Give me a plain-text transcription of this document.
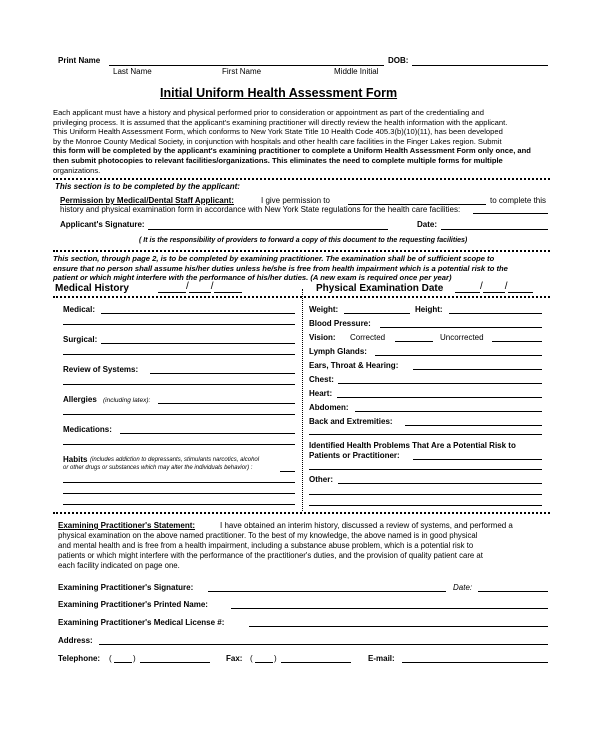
Print Name
Last Name	First Name	Middle Initial
DOB:
Initial Uniform Health Assessment Form
Each applicant must have a history and physical performed prior to consideration or appointment as part of the credentialing and
privileging process. It is assumed that the applicant's examining practitioner will directly review the health information with the applicant.
This Uniform Health Assessment Form, which conforms to New York State Title 10 Health Code 405.3(b)(10)(11), has been developed
by the Monroe County Medical Society, in conjunction with hospitals and other health care facilities in the Finger Lakes region. Submit
this form will be completed by the applicant's examining practitioner to complete a Uniform Health Assessment Form only once, and
then submit photocopies to relevant facilities/organizations. This eliminates the need to complete multiple forms for multiple
organizations.
This section is to be completed by the applicant:
Permission by Medical/Dental Staff Applicant:	I give permission to	to complete this
history and physical examination form in accordance with New York State regulations for the health care facilities:
Applicant's Signature:	Date:
( It is the responsibility of providers to forward a copy of this document to the requesting facilities)
This section, through page 2, is to be completed by examining practitioner. The examination shall be of sufficient scope to
ensure that no person shall assume his/her duties unless he/she is free from health impairment which is a potential risk to the
patient or which might interfere with the performance of his/her duties. (A new exam is required once per year)
Medical History	/ /	Physical Examination Date	/ /
Medical:
Surgical:
Review of Systems:
Allergies (including latex):
Medications:
Habits (includes addiction to depressants, stimulants narcotics, alcohol
or other drugs or substances which may alter the individuals behavior) :
Weight:	Height:
Blood Pressure:
Vision: Corrected	Uncorrected
Lymph Glands:
Ears, Throat & Hearing:
Chest:
Heart:
Abdomen:
Back and Extremities:
Identified Health Problems That Are a Potential Risk to
Patients or Practitioner:
Other:
Examining Practitioner's Statement:	I have obtained an interim history, discussed a review of systems, and performed a
physical examination on the above named practitioner. To the best of my knowledge, the above named is in good physical
and mental health and is free from a health impairment, including a substance abuse problem, which is a potential risk to
patients or which might interfere with the performance of the practitioner's duties, and the provision of quality patient care at
each facility indicated on page one.
Examining Practitioner's Signature:	Date:
Examining Practitioner's Printed Name:
Examining Practitioner's Medical License #:
Address:
Telephone: (	)	Fax: (	)	E-mail:
